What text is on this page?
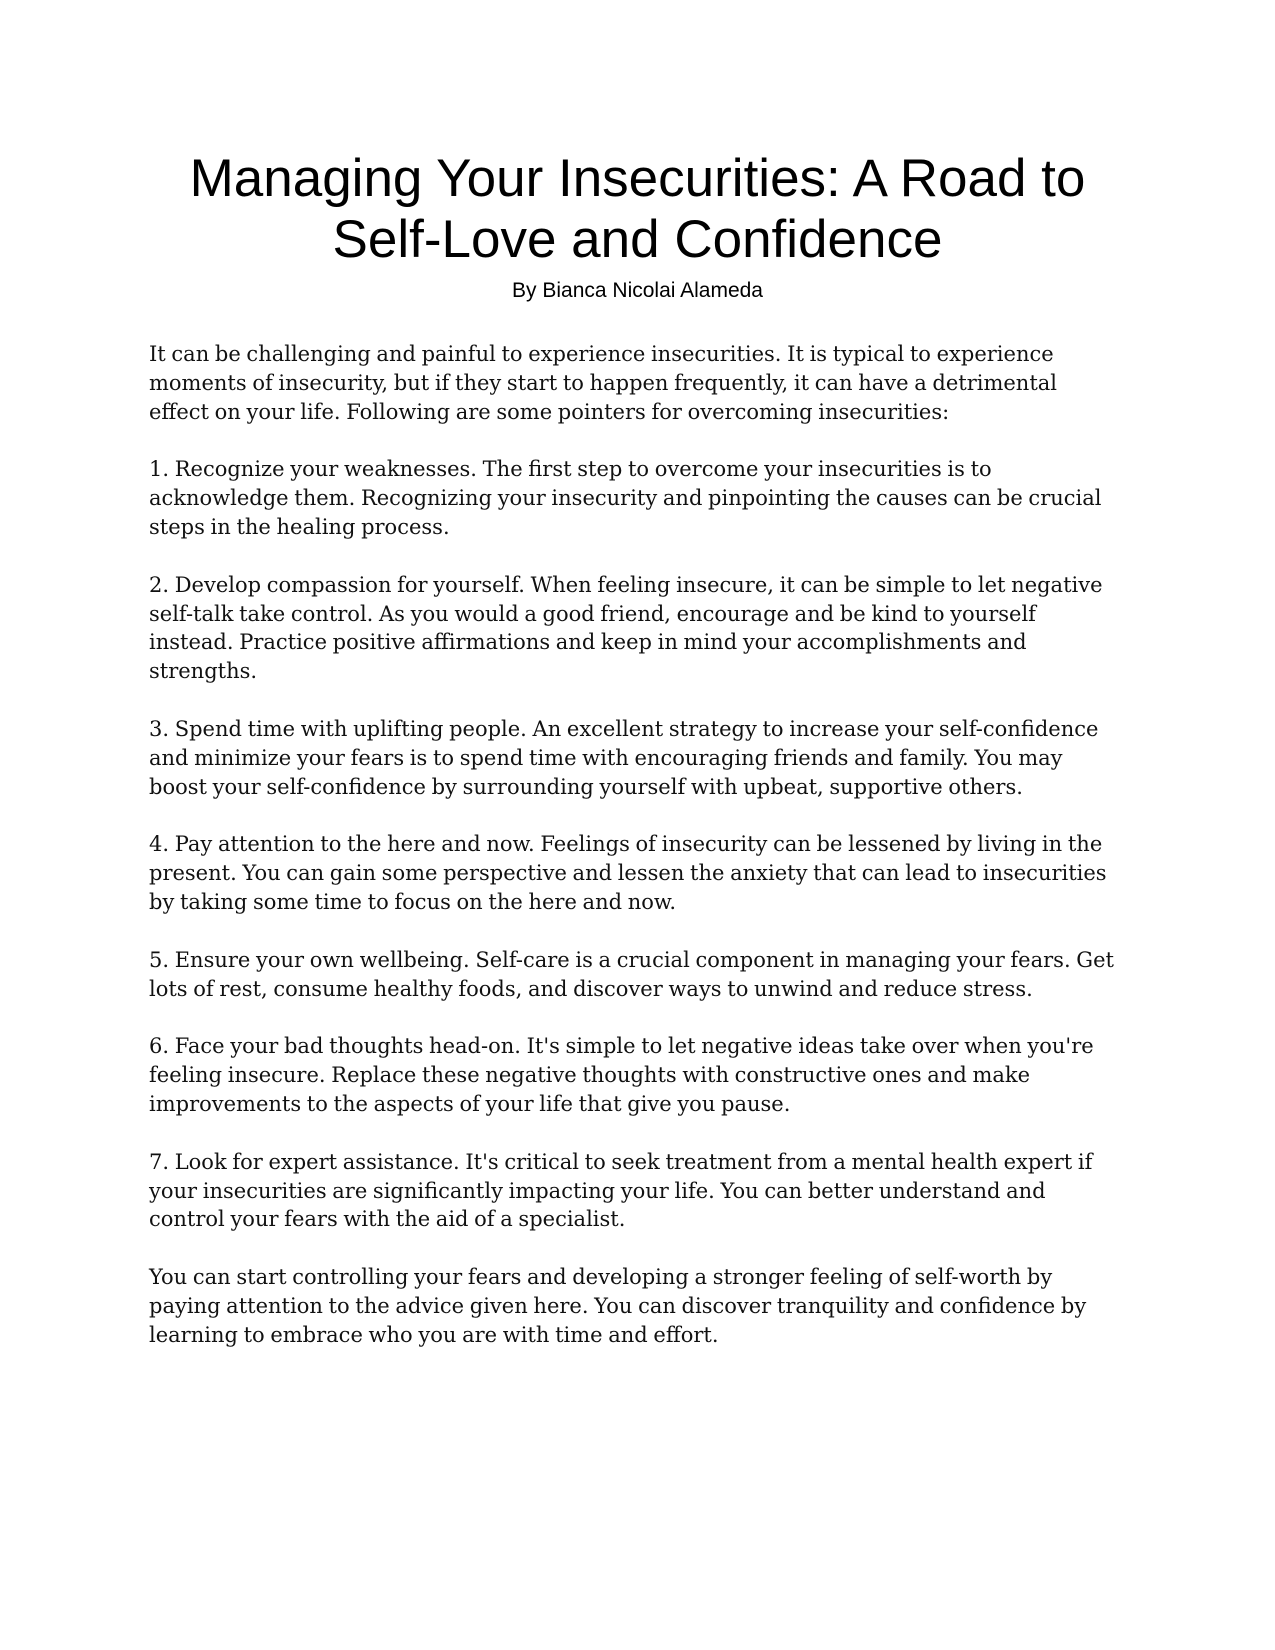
Managing Your Insecurities: A Road to
Self-Love and Confidence
By Bianca Nicolai Alameda

It can be challenging and painful to experience insecurities. It is typical to experience
moments of insecurity, but if they start to happen frequently, it can have a detrimental
effect on your life. Following are some pointers for overcoming insecurities:

1. Recognize your weaknesses. The first step to overcome your insecurities is to
acknowledge them. Recognizing your insecurity and pinpointing the causes can be crucial
steps in the healing process.

2. Develop compassion for yourself. When feeling insecure, it can be simple to let negative
self-talk take control. As you would a good friend, encourage and be kind to yourself
instead. Practice positive affirmations and keep in mind your accomplishments and
strengths.

3. Spend time with uplifting people. An excellent strategy to increase your self-confidence
and minimize your fears is to spend time with encouraging friends and family. You may
boost your self-confidence by surrounding yourself with upbeat, supportive others.

4. Pay attention to the here and now. Feelings of insecurity can be lessened by living in the
present. You can gain some perspective and lessen the anxiety that can lead to insecurities
by taking some time to focus on the here and now.

5. Ensure your own wellbeing. Self-care is a crucial component in managing your fears. Get
lots of rest, consume healthy foods, and discover ways to unwind and reduce stress.

6. Face your bad thoughts head-on. It's simple to let negative ideas take over when you're
feeling insecure. Replace these negative thoughts with constructive ones and make
improvements to the aspects of your life that give you pause.

7. Look for expert assistance. It's critical to seek treatment from a mental health expert if
your insecurities are significantly impacting your life. You can better understand and
control your fears with the aid of a specialist.

You can start controlling your fears and developing a stronger feeling of self-worth by
paying attention to the advice given here. You can discover tranquility and confidence by
learning to embrace who you are with time and effort.
